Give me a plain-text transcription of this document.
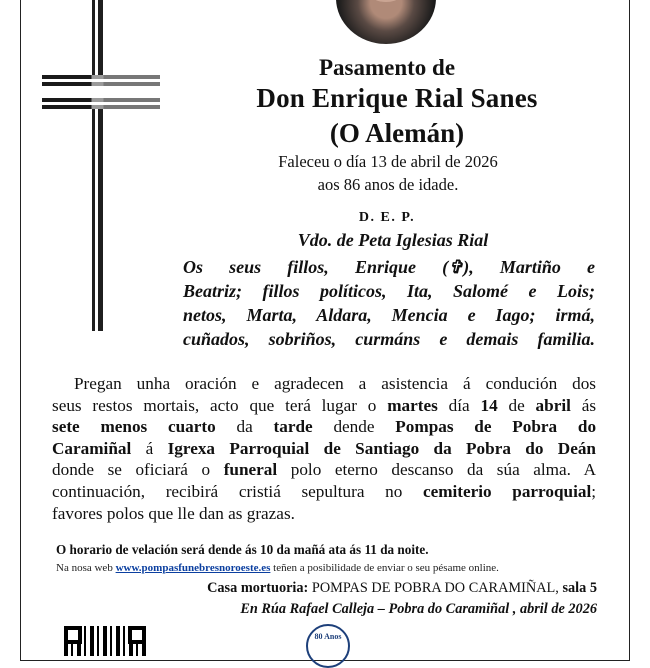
Pasamento de
Don Enrique Rial Sanes
(O Alemán)
Faleceu o día 13 de abril de 2026
aos 86 anos de idade.
D. E. P.
Vdo. de Peta Iglesias Rial
Os seus fillos, Enrique (✞), Martiño e
Beatriz; fillos políticos, Ita, Salomé e Lois;
netos, Marta, Aldara, Mencia e Iago; irmá,
cuñados, sobriños, curmáns e demais familia.
Pregan unha oración e agradecen a asistencia á condución dos
seus restos mortais, acto que terá lugar o martes día 14 de abril ás
sete menos cuarto da tarde dende Pompas de Pobra do
Caramiñal á Igrexa Parroquial de Santiago da Pobra do Deán
donde se oficiará o funeral polo eterno descanso da súa alma. A
continuación, recibirá cristiá sepultura no cemiterio parroquial;
favores polos que lle dan as grazas.
O horario de velación será dende ás 10 da mañá ata ás 11 da noite.
Na nosa web www.pompasfunebresnoroeste.es teñen a posibilidade de enviar o seu pésame online.
Casa mortuoria: POMPAS DE POBRA DO CARAMIÑAL, sala 5
En Rúa Rafael Calleja – Pobra do Caramiñal , abril de 2026
80 Anos
